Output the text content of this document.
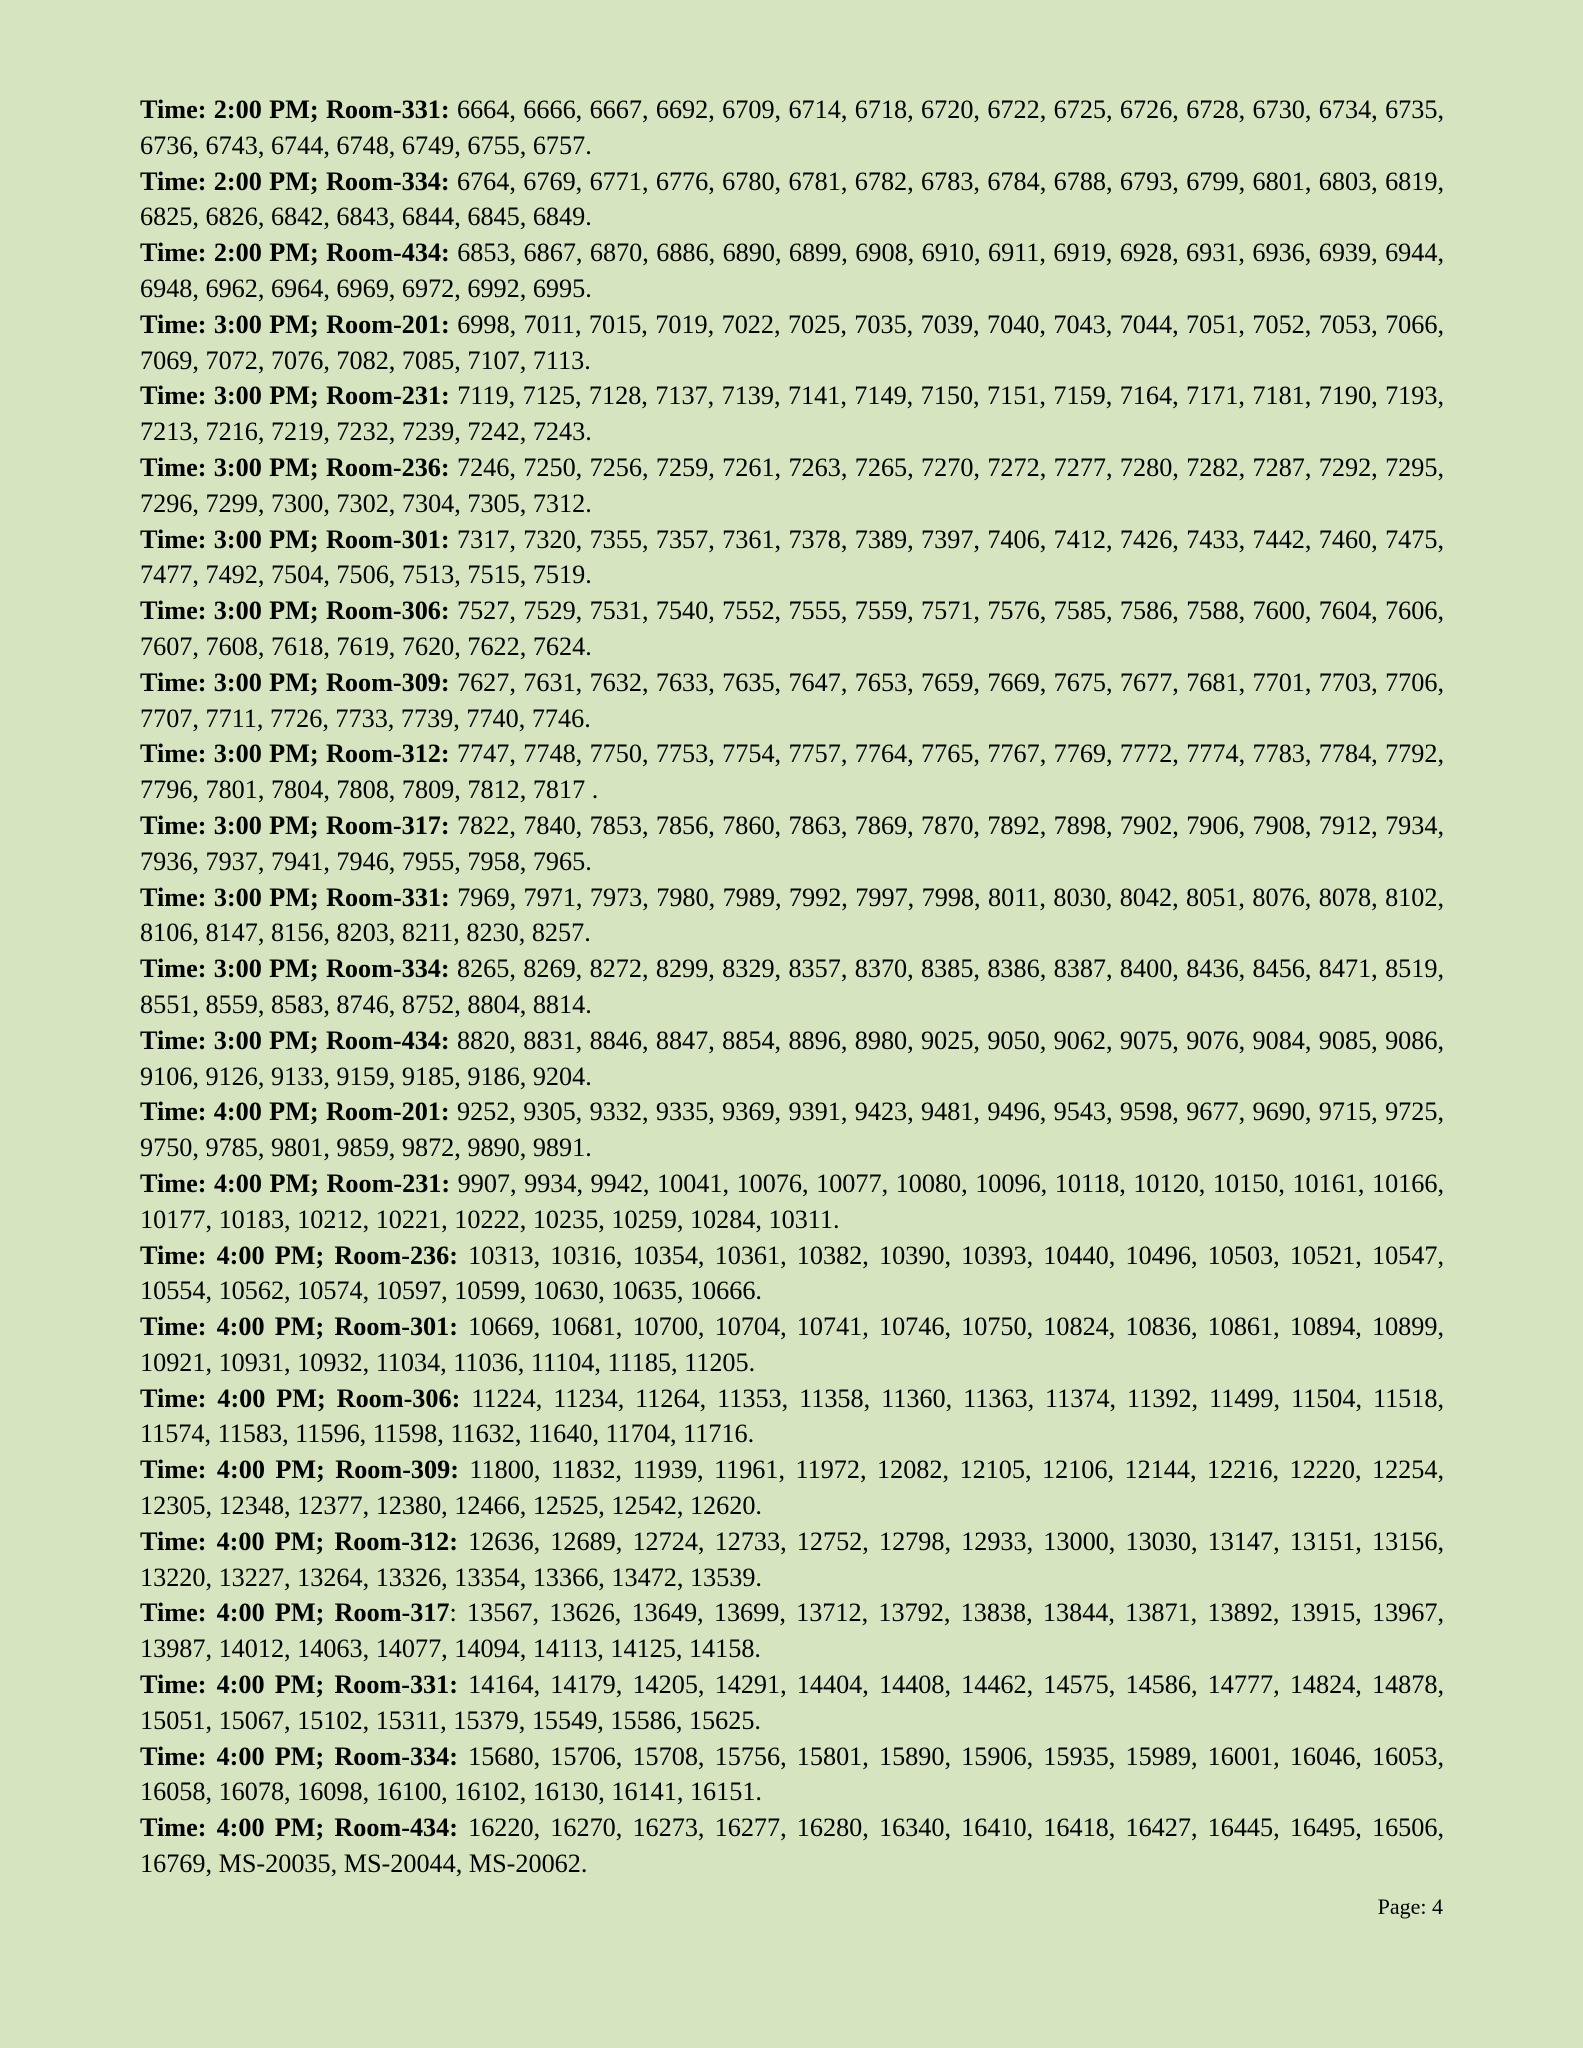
Time: 2:00 PM; Room-331: 6664, 6666, 6667, 6692, 6709, 6714, 6718, 6720, 6722, 6725, 6726, 6728, 6730, 6734, 6735, 6736, 6743, 6744, 6748, 6749, 6755, 6757.

Time: 2:00 PM; Room-334: 6764, 6769, 6771, 6776, 6780, 6781, 6782, 6783, 6784, 6788, 6793, 6799, 6801, 6803, 6819, 6825, 6826, 6842, 6843, 6844, 6845, 6849.

Time: 2:00 PM; Room-434: 6853, 6867, 6870, 6886, 6890, 6899, 6908, 6910, 6911, 6919, 6928, 6931, 6936, 6939, 6944, 6948, 6962, 6964, 6969, 6972, 6992, 6995.

Time: 3:00 PM; Room-201: 6998, 7011, 7015, 7019, 7022, 7025, 7035, 7039, 7040, 7043, 7044, 7051, 7052, 7053, 7066, 7069, 7072, 7076, 7082, 7085, 7107, 7113.

Time: 3:00 PM; Room-231: 7119, 7125, 7128, 7137, 7139, 7141, 7149, 7150, 7151, 7159, 7164, 7171, 7181, 7190, 7193, 7213, 7216, 7219, 7232, 7239, 7242, 7243.

Time: 3:00 PM; Room-236: 7246, 7250, 7256, 7259, 7261, 7263, 7265, 7270, 7272, 7277, 7280, 7282, 7287, 7292, 7295, 7296, 7299, 7300, 7302, 7304, 7305, 7312.

Time: 3:00 PM; Room-301: 7317, 7320, 7355, 7357, 7361, 7378, 7389, 7397, 7406, 7412, 7426, 7433, 7442, 7460, 7475, 7477, 7492, 7504, 7506, 7513, 7515, 7519.

Time: 3:00 PM; Room-306: 7527, 7529, 7531, 7540, 7552, 7555, 7559, 7571, 7576, 7585, 7586, 7588, 7600, 7604, 7606, 7607, 7608, 7618, 7619, 7620, 7622, 7624.

Time: 3:00 PM; Room-309: 7627, 7631, 7632, 7633, 7635, 7647, 7653, 7659, 7669, 7675, 7677, 7681, 7701, 7703, 7706, 7707, 7711, 7726, 7733, 7739, 7740, 7746.

Time: 3:00 PM; Room-312: 7747, 7748, 7750, 7753, 7754, 7757, 7764, 7765, 7767, 7769, 7772, 7774, 7783, 7784, 7792, 7796, 7801, 7804, 7808, 7809, 7812, 7817 .

Time: 3:00 PM; Room-317: 7822, 7840, 7853, 7856, 7860, 7863, 7869, 7870, 7892, 7898, 7902, 7906, 7908, 7912, 7934, 7936, 7937, 7941, 7946, 7955, 7958, 7965.

Time: 3:00 PM; Room-331: 7969, 7971, 7973, 7980, 7989, 7992, 7997, 7998, 8011, 8030, 8042, 8051, 8076, 8078, 8102, 8106, 8147, 8156, 8203, 8211, 8230, 8257.

Time: 3:00 PM; Room-334: 8265, 8269, 8272, 8299, 8329, 8357, 8370, 8385, 8386, 8387, 8400, 8436, 8456, 8471, 8519, 8551, 8559, 8583, 8746, 8752, 8804, 8814.

Time: 3:00 PM; Room-434: 8820, 8831, 8846, 8847, 8854, 8896, 8980, 9025, 9050, 9062, 9075, 9076, 9084, 9085, 9086, 9106, 9126, 9133, 9159, 9185, 9186, 9204.

Time: 4:00 PM; Room-201: 9252, 9305, 9332, 9335, 9369, 9391, 9423, 9481, 9496, 9543, 9598, 9677, 9690, 9715, 9725, 9750, 9785, 9801, 9859, 9872, 9890, 9891.

Time: 4:00 PM; Room-231: 9907, 9934, 9942, 10041, 10076, 10077, 10080, 10096, 10118, 10120, 10150, 10161, 10166, 10177, 10183, 10212, 10221, 10222, 10235, 10259, 10284, 10311.

Time: 4:00 PM; Room-236: 10313, 10316, 10354, 10361, 10382, 10390, 10393, 10440, 10496, 10503, 10521, 10547, 10554, 10562, 10574, 10597, 10599, 10630, 10635, 10666.

Time: 4:00 PM; Room-301: 10669, 10681, 10700, 10704, 10741, 10746, 10750, 10824, 10836, 10861, 10894, 10899, 10921, 10931, 10932, 11034, 11036, 11104, 11185, 11205.

Time: 4:00 PM; Room-306: 11224, 11234, 11264, 11353, 11358, 11360, 11363, 11374, 11392, 11499, 11504, 11518, 11574, 11583, 11596, 11598, 11632, 11640, 11704, 11716.

Time: 4:00 PM; Room-309: 11800, 11832, 11939, 11961, 11972, 12082, 12105, 12106, 12144, 12216, 12220, 12254, 12305, 12348, 12377, 12380, 12466, 12525, 12542, 12620.

Time: 4:00 PM; Room-312: 12636, 12689, 12724, 12733, 12752, 12798, 12933, 13000, 13030, 13147, 13151, 13156, 13220, 13227, 13264, 13326, 13354, 13366, 13472, 13539.

Time: 4:00 PM; Room-317: 13567, 13626, 13649, 13699, 13712, 13792, 13838, 13844, 13871, 13892, 13915, 13967, 13987, 14012, 14063, 14077, 14094, 14113, 14125, 14158.

Time: 4:00 PM; Room-331: 14164, 14179, 14205, 14291, 14404, 14408, 14462, 14575, 14586, 14777, 14824, 14878, 15051, 15067, 15102, 15311, 15379, 15549, 15586, 15625.

Time: 4:00 PM; Room-334: 15680, 15706, 15708, 15756, 15801, 15890, 15906, 15935, 15989, 16001, 16046, 16053, 16058, 16078, 16098, 16100, 16102, 16130, 16141, 16151.

Time: 4:00 PM; Room-434: 16220, 16270, 16273, 16277, 16280, 16340, 16410, 16418, 16427, 16445, 16495, 16506, 16769, MS-20035, MS-20044, MS-20062.

Page: 4
